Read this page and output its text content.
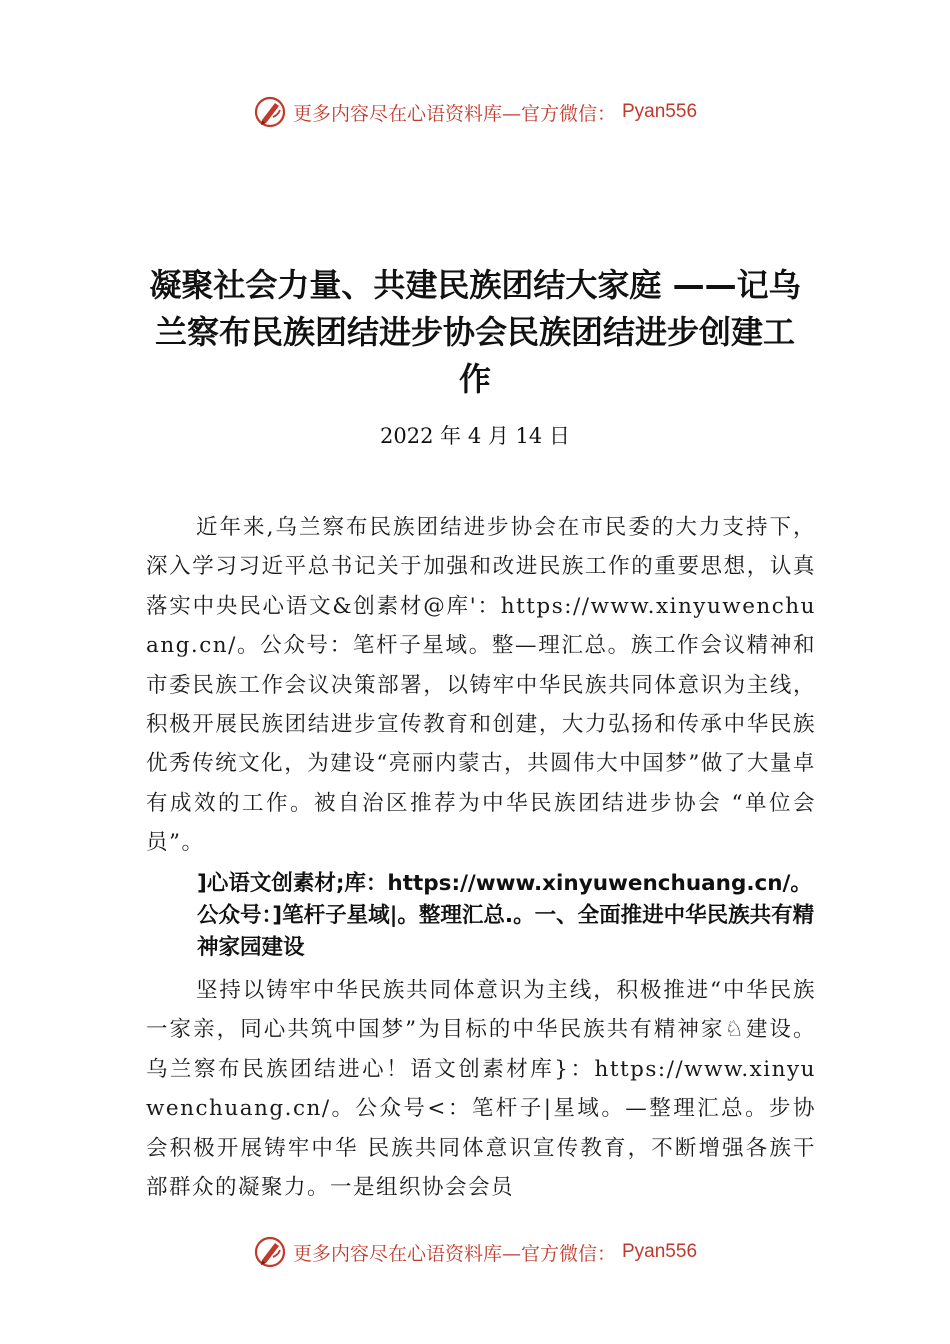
更多内容尽在心语资料库—官方微信： Pyan556
凝聚社会力量、共建民族团结大家庭 ——记乌兰察布民族团结进步协会民族团结进步创建工作
2022 年 4 月 14 日
近年来,乌兰察布民族团结进步协会在市民委的大力支持下，深入学习习近平总书记关于加强和改进民族工作的重要思想，认真落实中央民心语文&创素材@库'：https://www.xinyuwenchuang.cn/。公众号：笔杆子星域。整—理汇总。族工作会议精神和市委民族工作会议决策部署，以铸牢中华民族共同体意识为主线，积极开展民族团结进步宣传教育和创建，大力弘扬和传承中华民族优秀传统文化，为建设“亮丽内蒙古，共圆伟大中国梦”做了大量卓有成效的工作。被自治区推荐为中华民族团结进步协会 “单位会员”。
]心语文创素材;库：https://www.xinyuwenchuang.cn/。公众号：]笔杆子星域|。整理汇总.。一、全面推进中华民族共有精神家园建设
坚持以铸牢中华民族共同体意识为主线，积极推进“中华民族一家亲，同心共筑中国梦”为目标的中华民族共有精神家♘建设。乌兰察布民族团结进心！语文创素材库}：https://www.xinyuwenchuang.cn/。公众号<：笔杆子|星域。—整理汇总。步协会积极开展铸牢中华 民族共同体意识宣传教育，不断增强各族干部群众的凝聚力。一是组织协会会员
更多内容尽在心语资料库—官方微信： Pyan556
